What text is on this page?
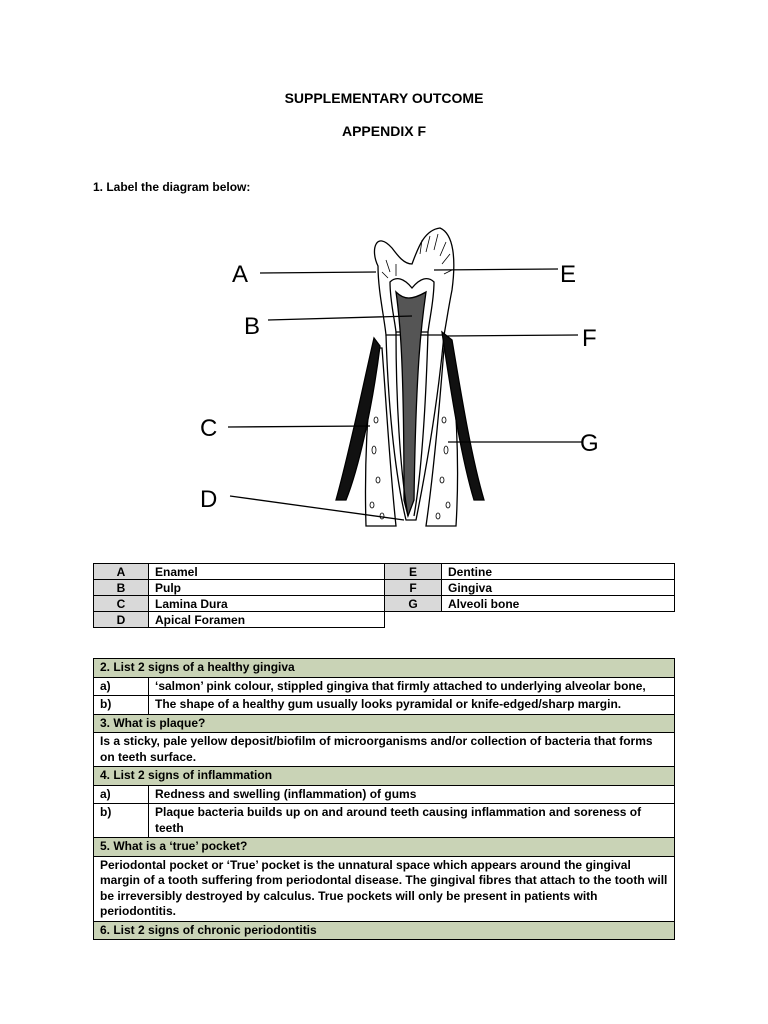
SUPPLEMENTARY OUTCOME
APPENDIX F
1. Label the diagram below:
A
B
C
D
E
F
G
A	Enamel
B	Pulp
C	Lamina Dura
D	Apical Foramen
E	Dentine
F	Gingiva
G	Alveoli bone
2. List 2 signs of a healthy gingiva	
a)	‘salmon’ pink colour, stippled gingiva that firmly attached to underlying alveolar bone,
b)	The shape of a healthy gum usually looks pyramidal or knife-edged/sharp margin.
3. What is plaque?	
Is a sticky, pale yellow deposit/biofilm of microorganisms and/or collection of bacteria that forms on teeth surface.	
4. List 2 signs of inflammation	
a)	Redness and swelling (inflammation) of gums
b)	Plaque bacteria builds up on and around teeth causing inflammation and soreness of teeth
5. What is a ‘true’ pocket?	
Periodontal pocket or ‘True’ pocket is the unnatural space which appears around the gingival margin of a tooth suffering from periodontal disease. The gingival fibres that attach to the tooth will be irreversibly destroyed by calculus. True pockets will only be present in patients with periodontitis.	
6. List 2 signs of chronic periodontitis	
